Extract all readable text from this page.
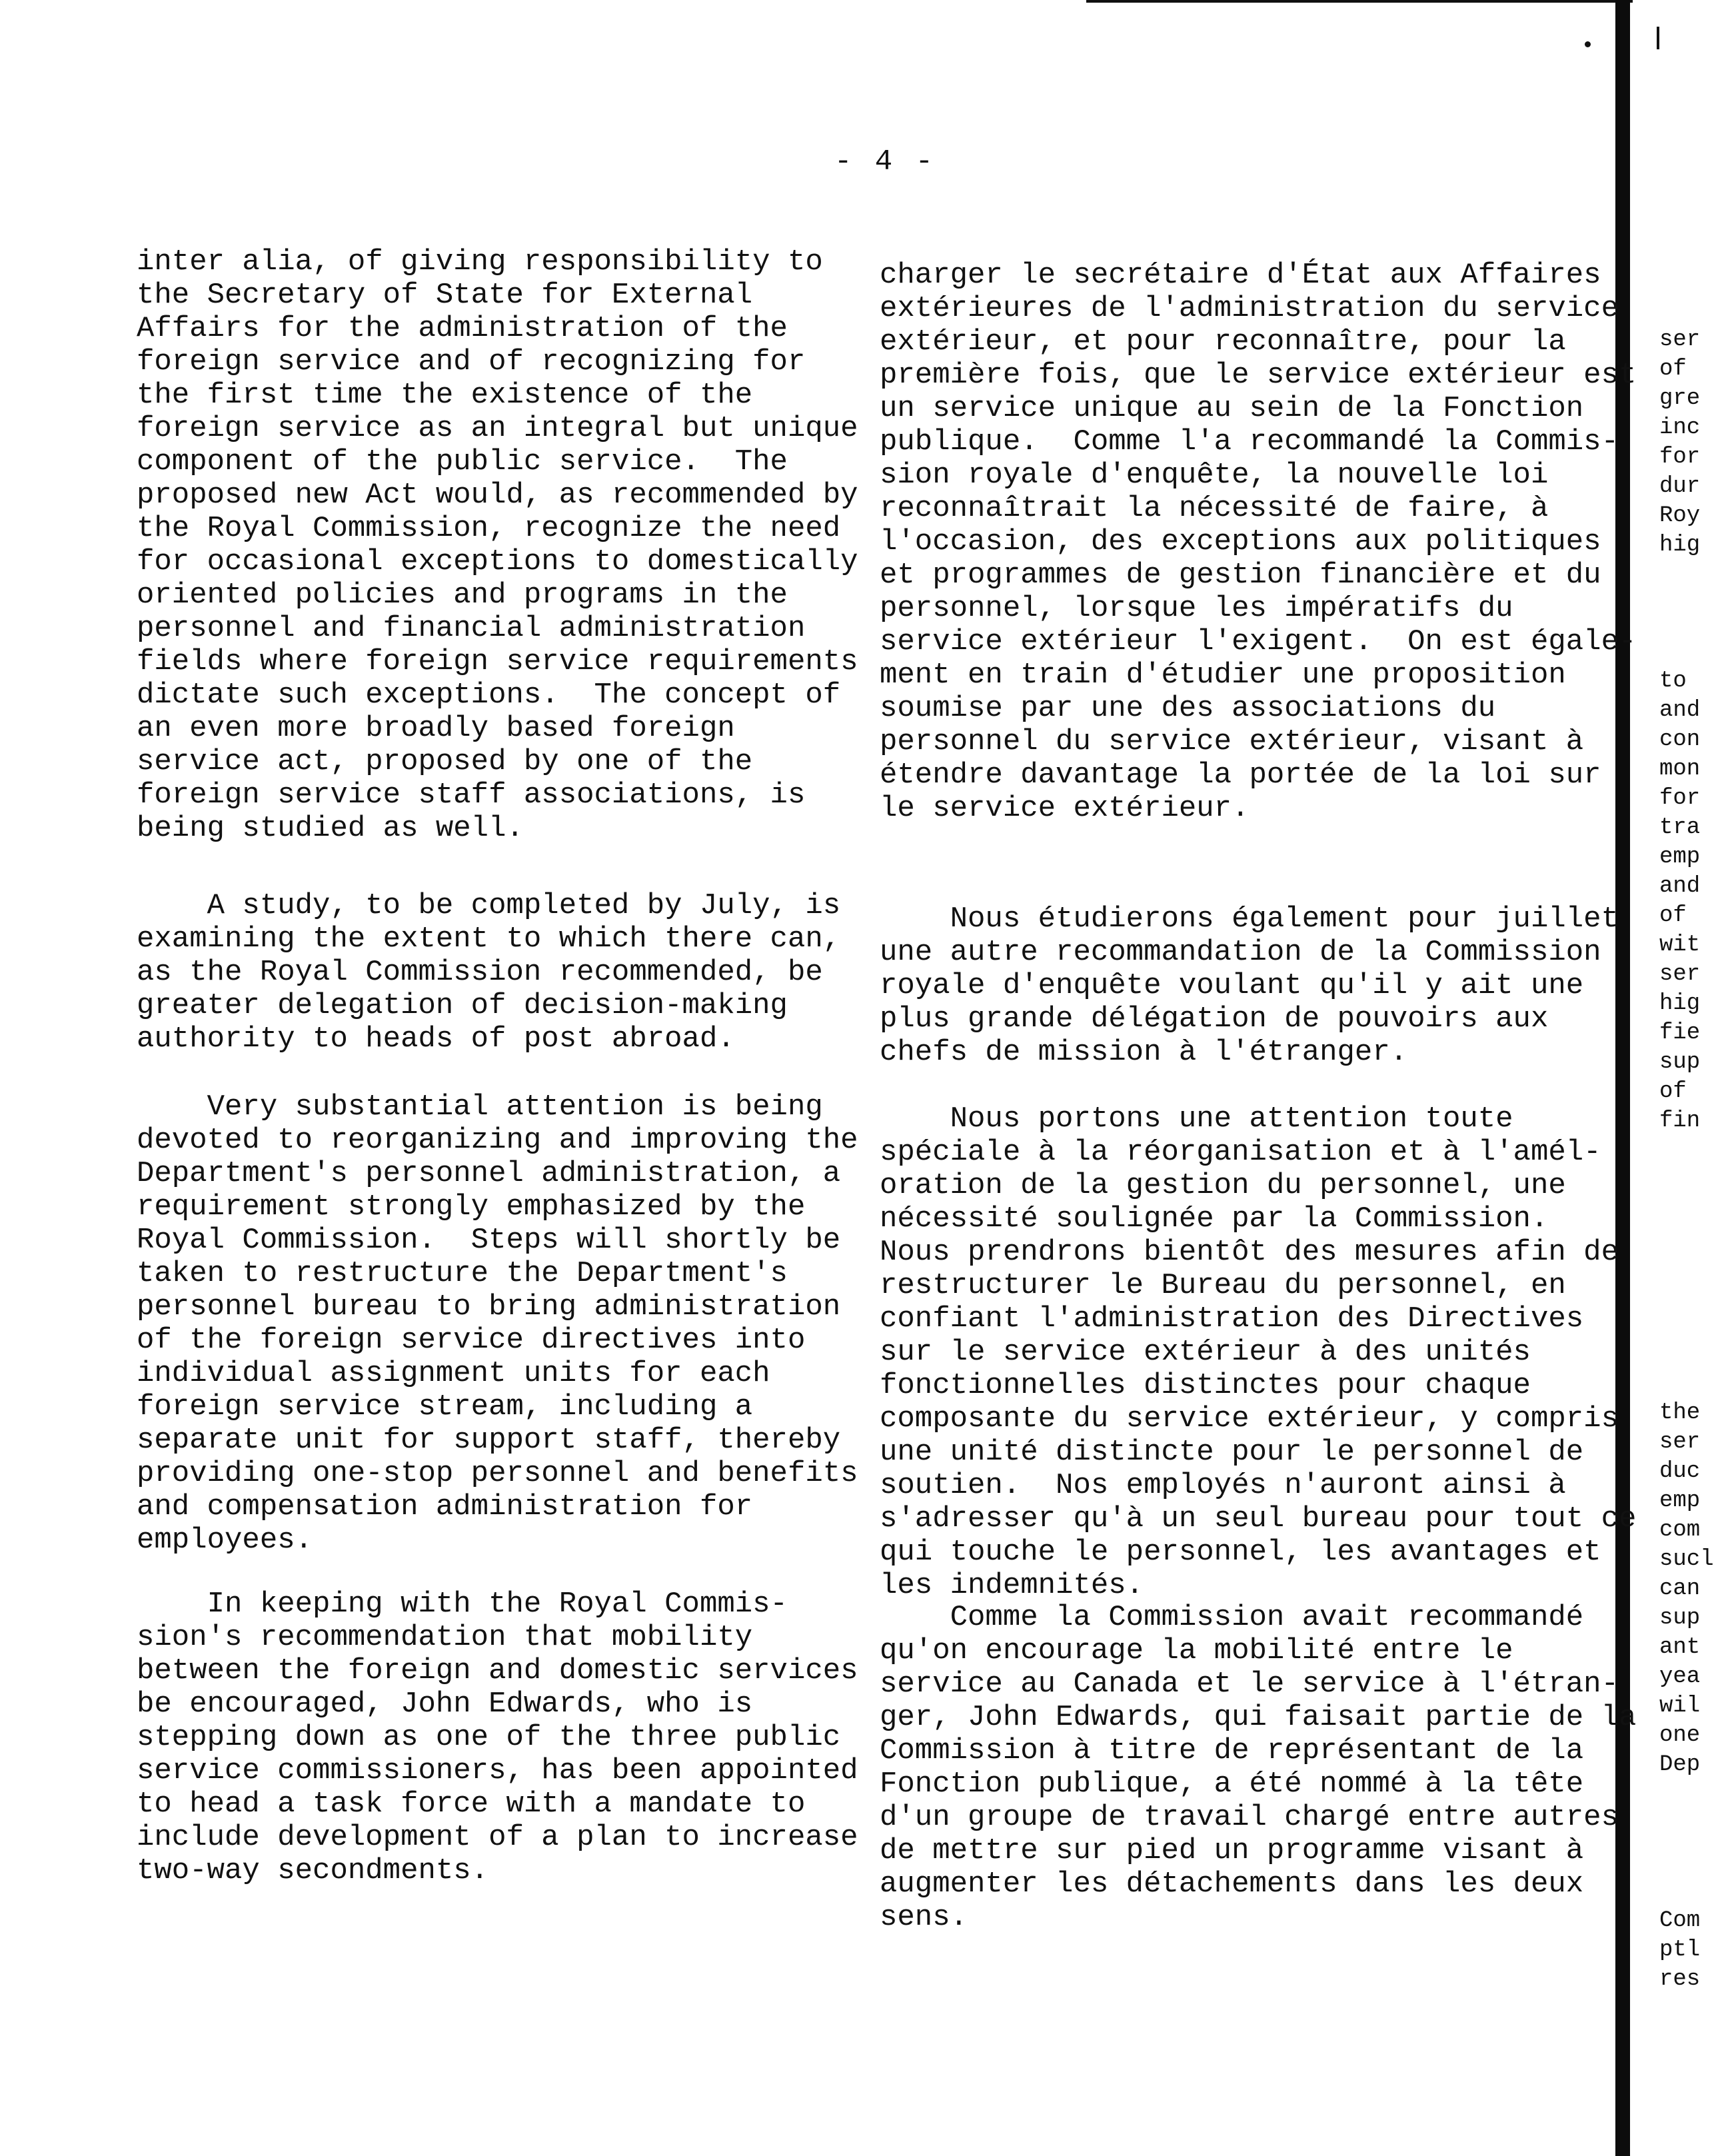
- 4 -

inter alia, of giving responsibility to
the Secretary of State for External
Affairs for the administration of the
foreign service and of recognizing for
the first time the existence of the
foreign service as an integral but unique
component of the public service.  The
proposed new Act would, as recommended by
the Royal Commission, recognize the need
for occasional exceptions to domestically
oriented policies and programs in the
personnel and financial administration
fields where foreign service requirements
dictate such exceptions.  The concept of
an even more broadly based foreign
service act, proposed by one of the
foreign service staff associations, is
being studied as well.

A study, to be completed by July, is
examining the extent to which there can,
as the Royal Commission recommended, be
greater delegation of decision-making
authority to heads of post abroad.

Very substantial attention is being
devoted to reorganizing and improving the
Department's personnel administration, a
requirement strongly emphasized by the
Royal Commission.  Steps will shortly be
taken to restructure the Department's
personnel bureau to bring administration
of the foreign service directives into
individual assignment units for each
foreign service stream, including a
separate unit for support staff, thereby
providing one-stop personnel and benefits
and compensation administration for
employees.

In keeping with the Royal Commis-
sion's recommendation that mobility
between the foreign and domestic services
be encouraged, John Edwards, who is
stepping down as one of the three public
service commissioners, has been appointed
to head a task force with a mandate to
include development of a plan to increase
two-way secondments.

charger le secrétaire d'État aux Affaires
extérieures de l'administration du service
extérieur, et pour reconnaître, pour la
première fois, que le service extérieur est
un service unique au sein de la Fonction
publique.  Comme l'a recommandé la Commis-
sion royale d'enquête, la nouvelle loi
reconnaîtrait la nécessité de faire, à
l'occasion, des exceptions aux politiques
et programmes de gestion financière et du
personnel, lorsque les impératifs du
service extérieur l'exigent.  On est égale-
ment en train d'étudier une proposition
soumise par une des associations du
personnel du service extérieur, visant à
étendre davantage la portée de la loi sur
le service extérieur.

Nous étudierons également pour juillet
une autre recommandation de la Commission
royale d'enquête voulant qu'il y ait une
plus grande délégation de pouvoirs aux
chefs de mission à l'étranger.

Nous portons une attention toute
spéciale à la réorganisation et à l'amél-
oration de la gestion du personnel, une
nécessité soulignée par la Commission.
Nous prendrons bientôt des mesures afin de
restructurer le Bureau du personnel, en
confiant l'administration des Directives
sur le service extérieur à des unités
fonctionnelles distinctes pour chaque
composante du service extérieur, y compris
une unité distincte pour le personnel de
soutien.  Nos employés n'auront ainsi à
s'adresser qu'à un seul bureau pour tout ce
qui touche le personnel, les avantages et
les indemnités.

Comme la Commission avait recommandé
qu'on encourage la mobilité entre le
service au Canada et le service à l'étran-
ger, John Edwards, qui faisait partie de la
Commission à titre de représentant de la
Fonction publique, a été nommé à la tête
d'un groupe de travail chargé entre autres
de mettre sur pied un programme visant à
augmenter les détachements dans les deux
sens.

ser
of
gre
inc
for
dur
Roy
hig
to
and
con
mon
for
tra
emp
and
of
wit
ser
hig
fie
sup
of
fin
the
ser
duc
emp
com
sucl
can
sup
ant
yea
wil
one
Dep
Com
ptl
res
